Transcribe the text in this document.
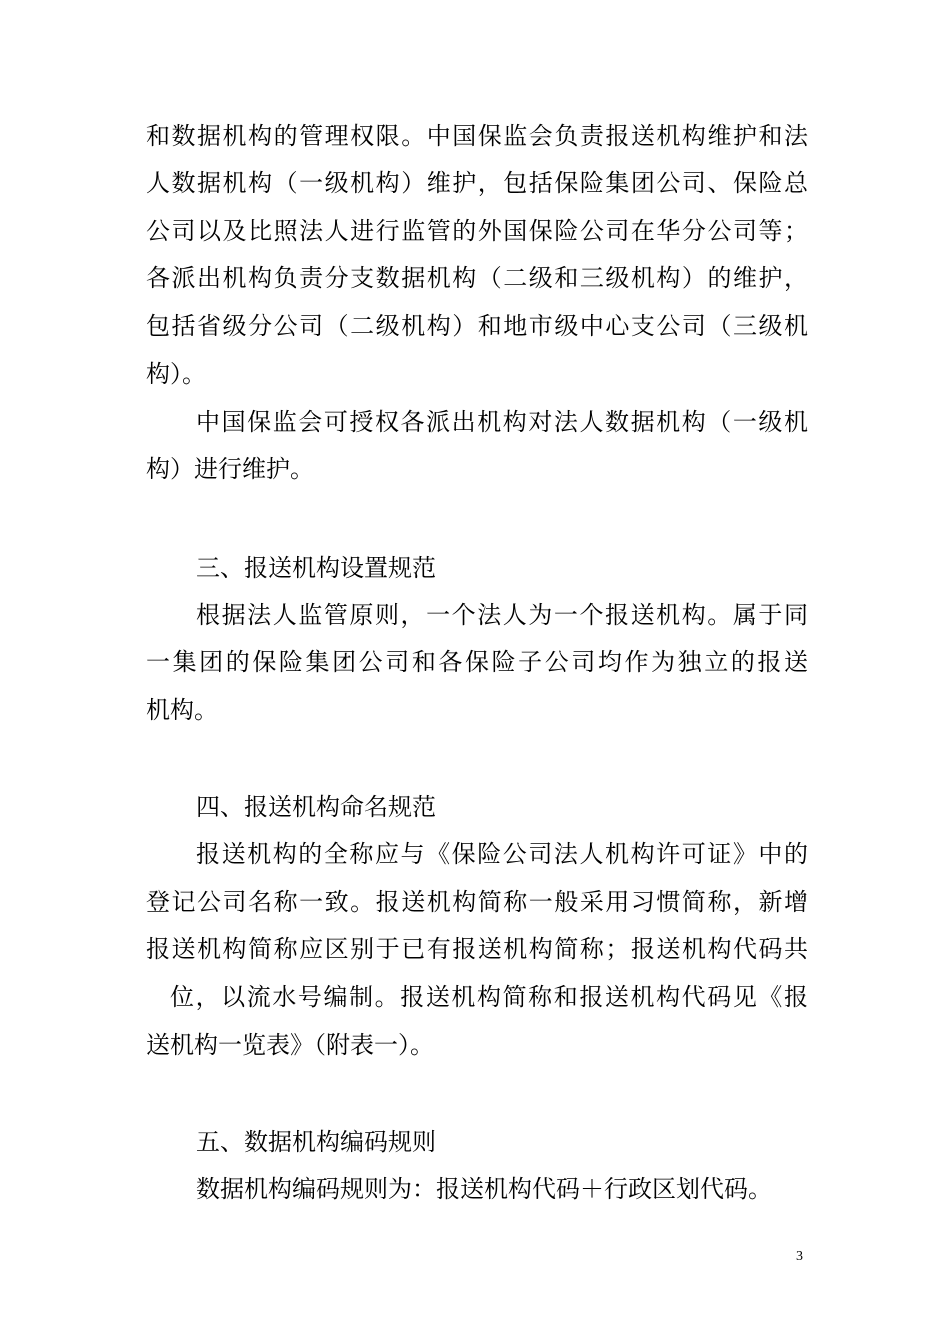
和数据机构的管理权限。中国保监会负责报送机构维护和法
人数据机构（一级机构）维护，包括保险集团公司、保险总
公司以及比照法人进行监管的外国保险公司在华分公司等；
各派出机构负责分支数据机构（二级和三级机构）的维护，
包括省级分公司（二级机构）和地市级中心支公司（三级机
构）。
中国保监会可授权各派出机构对法人数据机构（一级机
构）进行维护。
三、报送机构设置规范
根据法人监管原则，一个法人为一个报送机构。属于同
一集团的保险集团公司和各保险子公司均作为独立的报送
机构。
四、报送机构命名规范
报送机构的全称应与《保险公司法人机构许可证》中的
登记公司名称一致。报送机构简称一般采用习惯简称，新增
报送机构简称应区别于已有报送机构简称；报送机构代码共
位，以流水号编制。报送机构简称和报送机构代码见《报
送机构一览表》（附表一）。
五、数据机构编码规则
数据机构编码规则为：报送机构代码＋行政区划代码。
3
